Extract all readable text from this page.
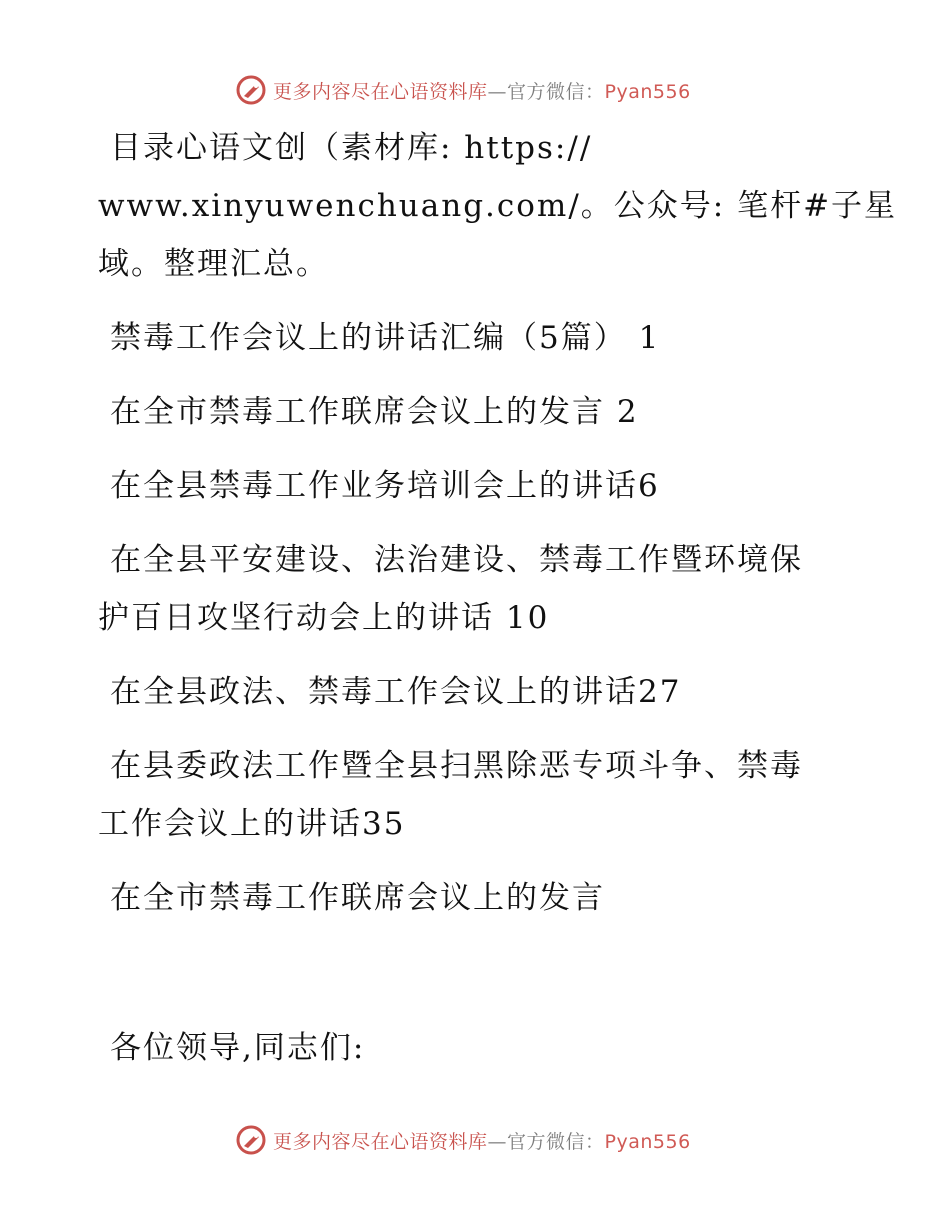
更多内容尽在心语资料库—官方微信：Pyan556
目录心语文创（素材库: https://
www.xinyuwenchuang.com/。公众号: 笔杆#子星
域。整理汇总。
禁毒工作会议上的讲话汇编（5篇） 1
在全市禁毒工作联席会议上的发言 2
在全县禁毒工作业务培训会上的讲话6
在全县平安建设、法治建设、禁毒工作暨环境保
护百日攻坚行动会上的讲话 10
在全县政法、禁毒工作会议上的讲话27
在县委政法工作暨全县扫黑除恶专项斗争、禁毒
工作会议上的讲话35
在全市禁毒工作联席会议上的发言
各位领导,同志们:
更多内容尽在心语资料库—官方微信：Pyan556
